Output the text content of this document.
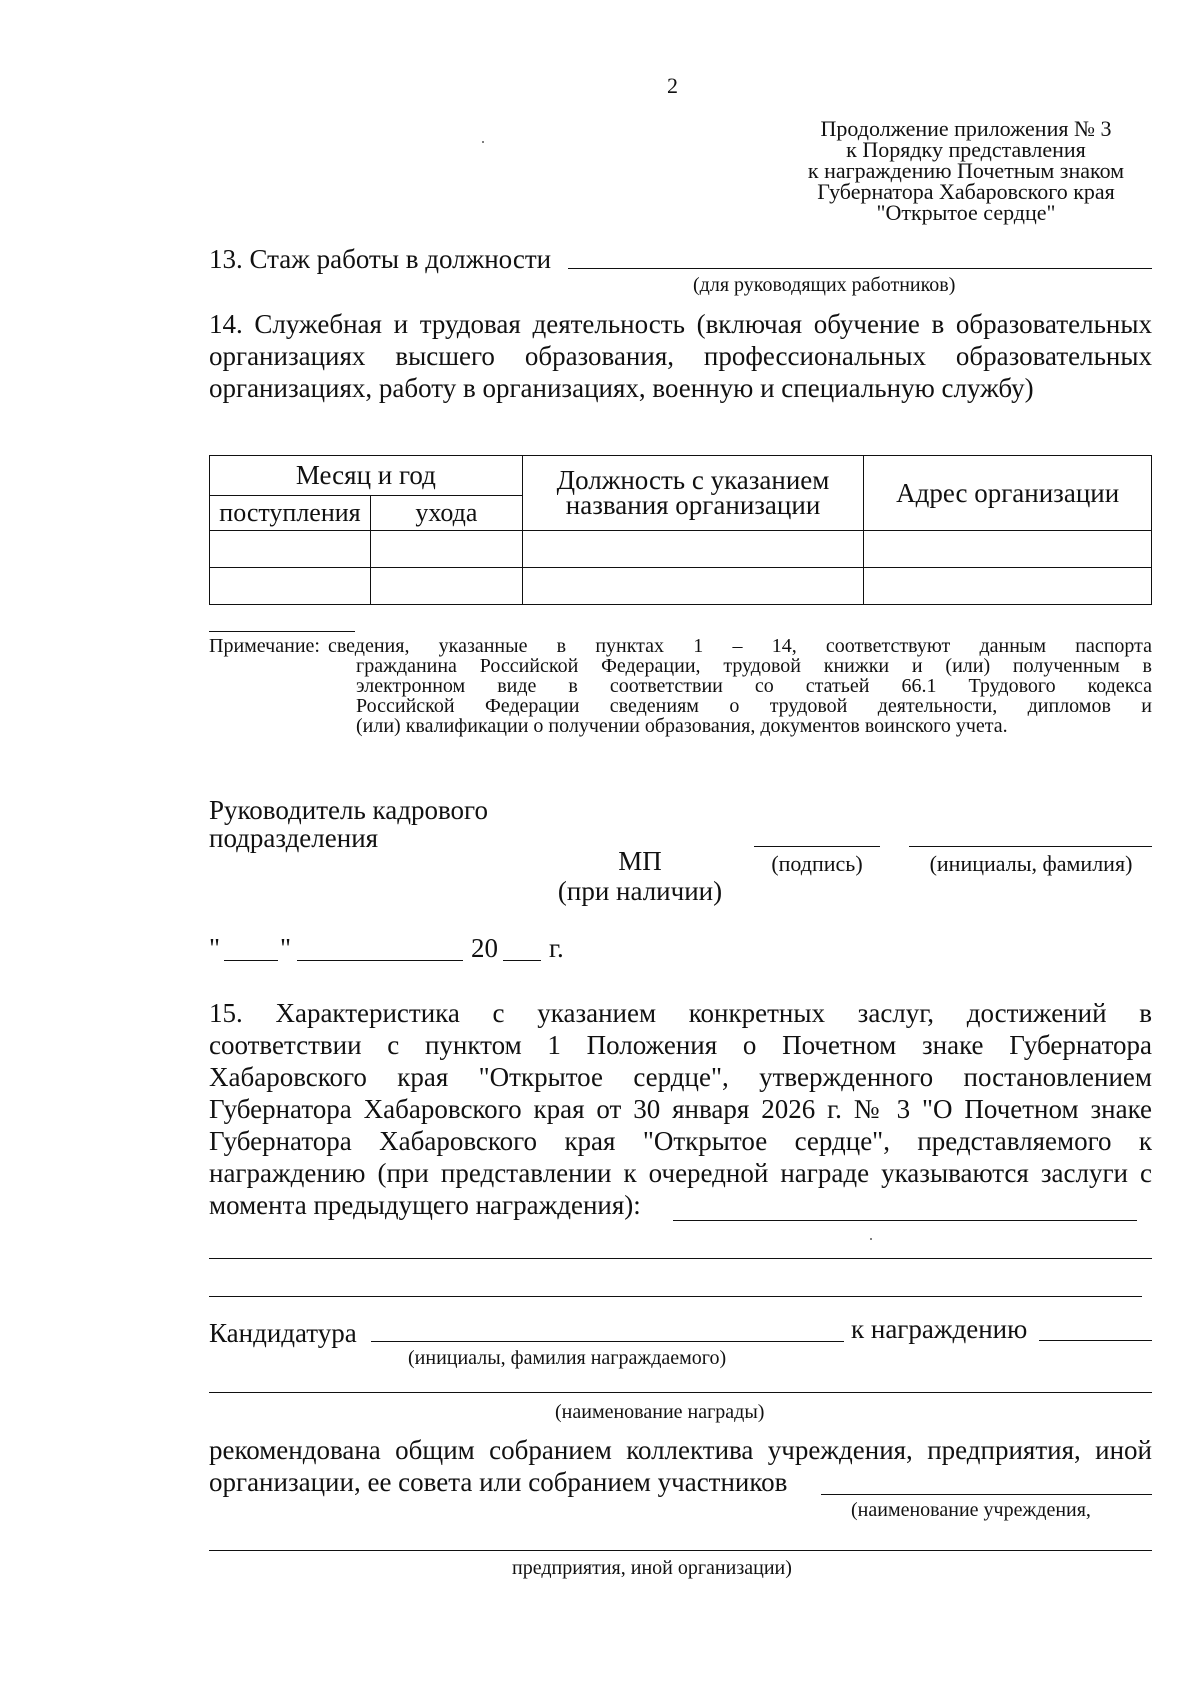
2
Продолжение приложения № 3
к Порядку представления
к награждению Почетным знаком
Губернатора Хабаровского края
"Открытое сердце"
13. Стаж работы в должности
(для руководящих работников)
14. Служебная и трудовая деятельность (включая обучение в образовательных
организациях высшего образования, профессиональных образовательных
организациях, работу в организациях, военную и специальную службу)
Месяц и год		Должность с указанием названия организации	Адрес организации
поступления	ухода		

Примечание: сведения, указанные в пунктах 1 – 14, соответствуют данным паспорта
гражданина Российской Федерации, трудовой книжки и (или) полученным в
электронном виде в соответствии со статьей 66.1 Трудового кодекса
Российской Федерации сведениям о трудовой деятельности, дипломов и
(или) квалификации о получении образования, документов воинского учета.
Руководитель кадрового
подразделения
МП
(при наличии)
(подпись)	(инициалы, фамилия)
" "	20 г.
15. Характеристика с указанием конкретных заслуг, достижений в
соответствии с пунктом 1 Положения о Почетном знаке Губернатора
Хабаровского края "Открытое сердце", утвержденного постановлением
Губернатора Хабаровского края от 30 января 2026 г. № 3 "О Почетном знаке
Губернатора Хабаровского края "Открытое сердце", представляемого к
награждению (при представлении к очередной награде указываются заслуги с
момента предыдущего награждения):
Кандидатура	к награждению
(инициалы, фамилия награждаемого)
(наименование награды)
рекомендована общим собранием коллектива учреждения, предприятия, иной
организации, ее совета или собранием участников
(наименование учреждения,
предприятия, иной организации)
